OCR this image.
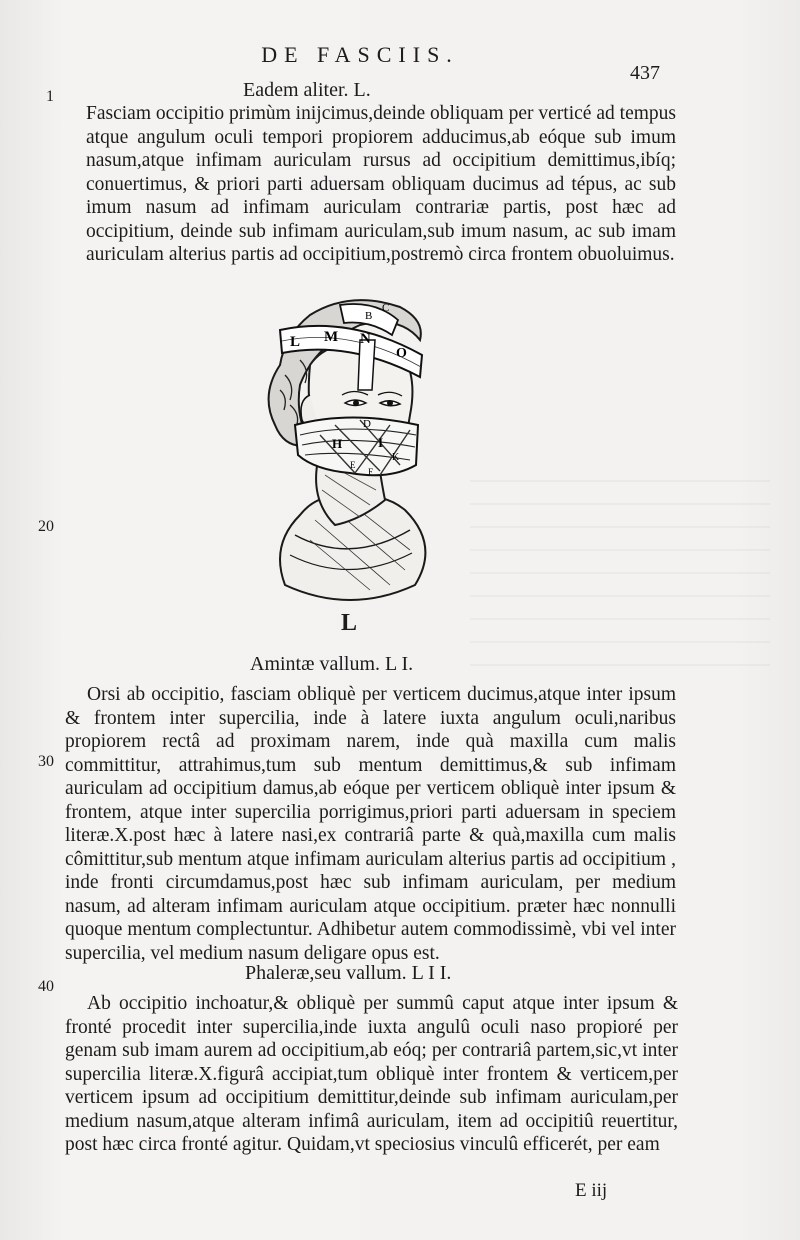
DE FASCIIS.
437
1
20
30
40
Eadem aliter. L.

Fasciam occipitio primùm inijcimus,deinde obliquam per verticé ad tempus atque angulum oculi tempori propiorem adducimus,ab eóque sub imum nasum,atque infimam auriculam rursus ad occipitium demittimus,ibíq; conuertimus, & priori parti aduersam obliquam ducimus ad tépus, ac sub imum nasum ad infimam auriculam contrariæ partis, post hæc ad occipitium, deinde sub infimam auriculam,sub imum nasum, ac sub imam auriculam alterius partis ad occipitium,postremò circa frontem obuoluimus.

L M N
O
B
C
D
H	I
K
E
F
L
Amintæ vallum. L I.

Orsi ab occipitio, fasciam obliquè per verticem ducimus,atque inter ipsum & frontem inter supercilia, inde à latere iuxta angulum oculi,naribus propiorem rectâ ad proximam narem, inde quà maxilla cum malis committitur, attrahimus,tum sub mentum demittimus,& sub infimam auriculam ad occipitium damus,ab eóque per verticem obliquè inter ipsum & frontem, atque inter supercilia porrigimus,priori parti aduersam in speciem literæ.X.post hæc à latere nasi,ex contrariâ parte & quà,maxilla cum malis cômittitur,sub mentum atque infimam auriculam alterius partis ad occipitium , inde fronti circumdamus,post hæc sub infimam auriculam, per medium nasum, ad alteram infimam auriculam atque occipitium. præter hæc nonnulli quoque mentum complectuntur. Adhibetur autem commodissimè, vbi vel inter supercilia, vel medium nasum deligare opus est.

Phaleræ,seu vallum. L I I.

Ab occipitio inchoatur,& obliquè per summû caput atque inter ipsum & fronté procedit inter supercilia,inde iuxta angulû oculi naso propioré per genam sub imam aurem ad occipitium,ab eóq; per contrariâ partem,sic,vt inter supercilia literæ.X.figurâ accipiat,tum obliquè inter frontem & verticem,per verticem ipsum ad occipitium demittitur,deinde sub infimam auriculam,per medium nasum,atque alteram infimâ auriculam, item ad occipitiû reuertitur, post hæc circa fronté agitur. Quidam,vt speciosius vinculû efficerét, per eam

E iij
